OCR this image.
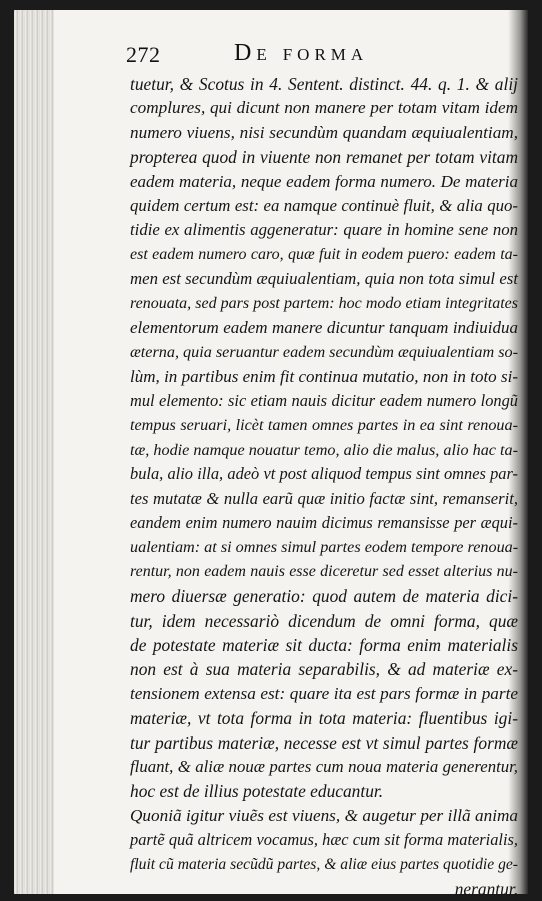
272	De forma
tuetur, & Scotus in 4. Sentent. distinct. 44. q. 1. & alij
complures, qui dicunt non manere per totam vitam idem
numero viuens, nisi secundùm quandam æquiualentiam,
propterea quod in viuente non remanet per totam vitam
eadem materia, neque eadem forma numero. De materia
quidem certum est: ea namque continuè fluit, & alia quo-
tidie ex alimentis aggeneratur: quare in homine sene non
est eadem numero caro, quæ fuit in eodem puero: eadem ta-
men est secundùm æquiualentiam, quia non tota simul est
renouata, sed pars post partem: hoc modo etiam integritates
elementorum eadem manere dicuntur tanquam indiuidua
æterna, quia seruantur eadem secundùm æquiualentiam so-
lùm, in partibus enim fit continua mutatio, non in toto si-
mul elemento: sic etiam nauis dicitur eadem numero longũ
tempus seruari, licèt tamen omnes partes in ea sint renoua-
tæ, hodie namque nouatur temo, alio die malus, alio hac ta-
bula, alio illa, adeò vt post aliquod tempus sint omnes par-
tes mutatæ & nulla earũ quæ initio factæ sint, remanserit,
eandem enim numero nauim dicimus remansisse per æqui-
ualentiam: at si omnes simul partes eodem tempore renoua-
rentur, non eadem nauis esse diceretur sed esset alterius nu-
mero diuersæ generatio: quod autem de materia dici-
tur, idem necessariò dicendum de omni forma, quæ
de potestate materiæ sit ducta: forma enim materialis
non est à sua materia separabilis, & ad materiæ ex-
tensionem extensa est: quare ita est pars formæ in parte
materiæ, vt tota forma in tota materia: fluentibus igi-
tur partibus materiæ, necesse est vt simul partes formæ
fluant, & aliæ nouæ partes cum noua materia generentur,
hoc est de illius potestate educantur.
Quoniã igitur viuẽs est viuens, & augetur per illã anima
partẽ quã altricem vocamus, hæc cum sit forma materialis,
fluit cũ materia secũdũ partes, & aliæ eius partes quotidie ge-
nerantur,
